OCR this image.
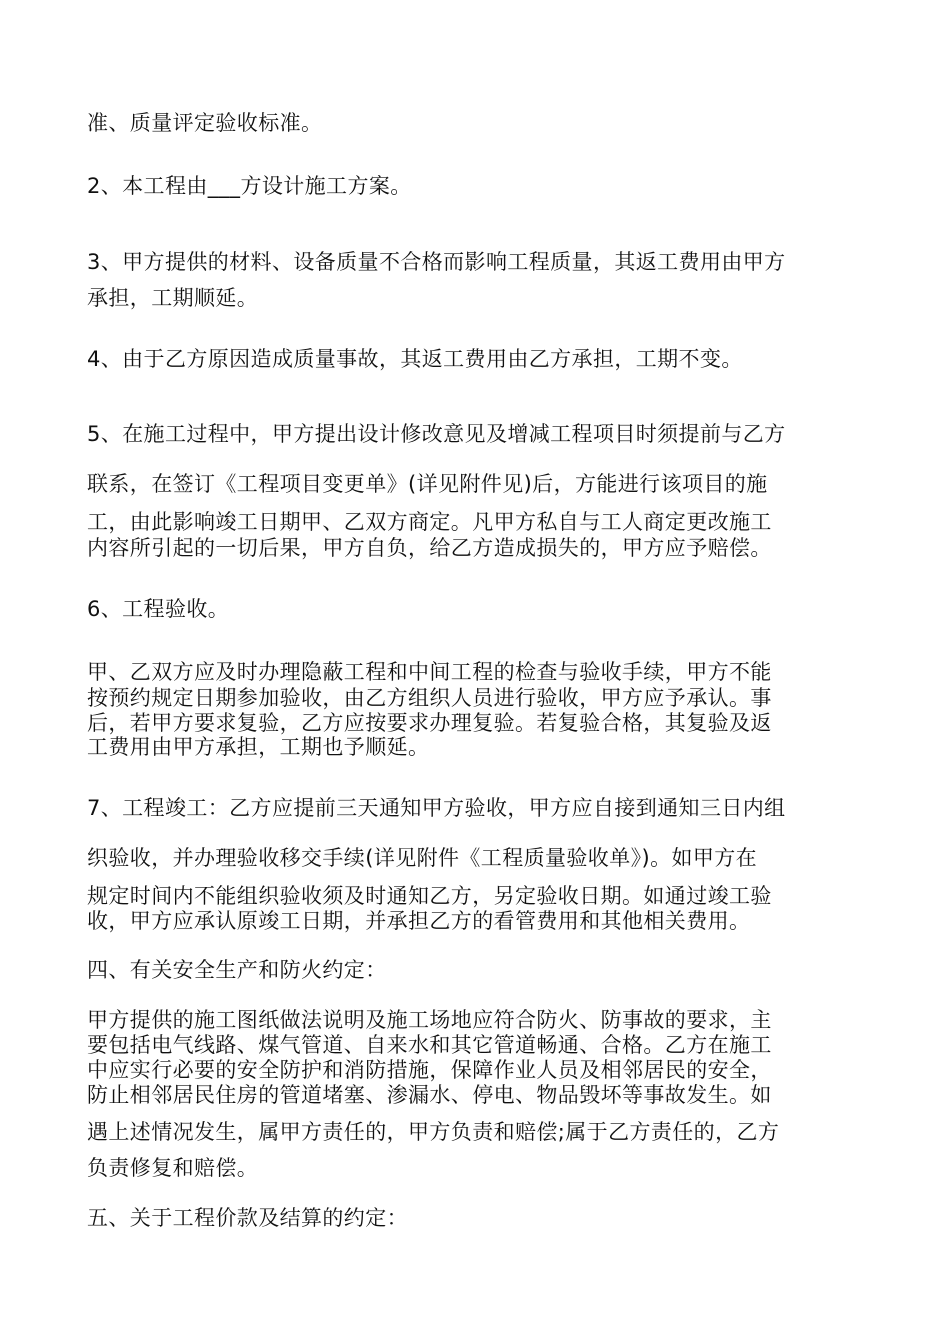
准、质量评定验收标准。
2、本工程由___方设计施工方案。
3、甲方提供的材料、设备质量不合格而影响工程质量，其返工费用由甲方
承担，工期顺延。
4、由于乙方原因造成质量事故，其返工费用由乙方承担，工期不变。
5、在施工过程中，甲方提出设计修改意见及增减工程项目时须提前与乙方
联系，在签订《工程项目变更单》(详见附件见)后，方能进行该项目的施
工，由此影响竣工日期甲、乙双方商定。凡甲方私自与工人商定更改施工
内容所引起的一切后果，甲方自负，给乙方造成损失的，甲方应予赔偿。
6、工程验收。
甲、乙双方应及时办理隐蔽工程和中间工程的检查与验收手续，甲方不能
按预约规定日期参加验收，由乙方组织人员进行验收，甲方应予承认。事
后，若甲方要求复验，乙方应按要求办理复验。若复验合格，其复验及返
工费用由甲方承担，工期也予顺延。
7、工程竣工：乙方应提前三天通知甲方验收，甲方应自接到通知三日内组
织验收，并办理验收移交手续(详见附件《工程质量验收单》)。如甲方在
规定时间内不能组织验收须及时通知乙方，另定验收日期。如通过竣工验
收，甲方应承认原竣工日期，并承担乙方的看管费用和其他相关费用。
四、有关安全生产和防火约定：
甲方提供的施工图纸做法说明及施工场地应符合防火、防事故的要求，主
要包括电气线路、煤气管道、自来水和其它管道畅通、合格。乙方在施工
中应实行必要的安全防护和消防措施，保障作业人员及相邻居民的安全，
防止相邻居民住房的管道堵塞、渗漏水、停电、物品毁坏等事故发生。如
遇上述情况发生，属甲方责任的，甲方负责和赔偿;属于乙方责任的，乙方
负责修复和赔偿。
五、关于工程价款及结算的约定：
